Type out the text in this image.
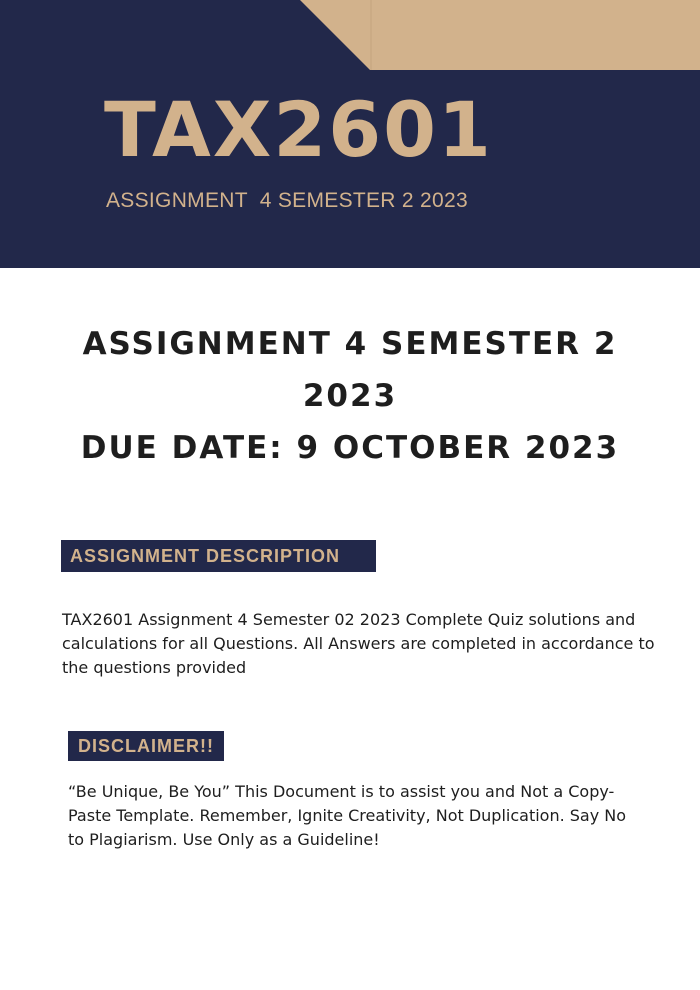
TAX2601
ASSIGNMENT  4 SEMESTER 2 2023
ASSIGNMENT 4 SEMESTER 2
2023
DUE DATE: 9 OCTOBER 2023
ASSIGNMENT DESCRIPTION

TAX2601 Assignment 4 Semester 02 2023 Complete Quiz solutions and calculations for all Questions. All Answers are completed in accordance to the questions provided

DISCLAIMER!!

“Be Unique, Be You” This Document is to assist you and Not a Copy-Paste Template. Remember, Ignite Creativity, Not Duplication. Say No to Plagiarism. Use Only as a Guideline!
